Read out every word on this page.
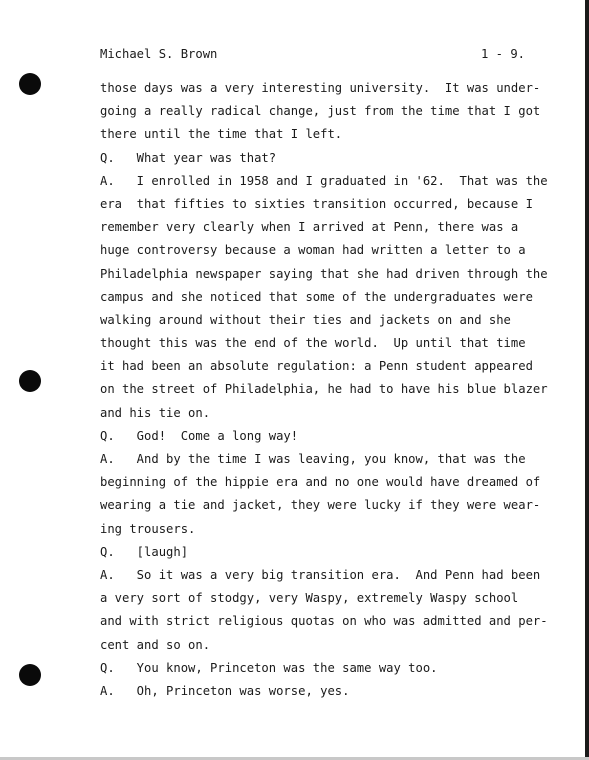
Michael S. Brown	1 - 9.
those days was a very interesting university.  It was under-
going a really radical change, just from the time that I got
there until the time that I left.
Q.   What year was that?
A.   I enrolled in 1958 and I graduated in '62.  That was the
era  that fifties to sixties transition occurred, because I
remember very clearly when I arrived at Penn, there was a
huge controversy because a woman had written a letter to a
Philadelphia newspaper saying that she had driven through the
campus and she noticed that some of the undergraduates were
walking around without their ties and jackets on and she
thought this was the end of the world.  Up until that time
it had been an absolute regulation: a Penn student appeared
on the street of Philadelphia, he had to have his blue blazer
and his tie on.
Q.   God!  Come a long way!
A.   And by the time I was leaving, you know, that was the
beginning of the hippie era and no one would have dreamed of
wearing a tie and jacket, they were lucky if they were wear-
ing trousers.
Q.   [laugh]
A.   So it was a very big transition era.  And Penn had been
a very sort of stodgy, very Waspy, extremely Waspy school
and with strict religious quotas on who was admitted and per-
cent and so on.
Q.   You know, Princeton was the same way too.
A.   Oh, Princeton was worse, yes.
